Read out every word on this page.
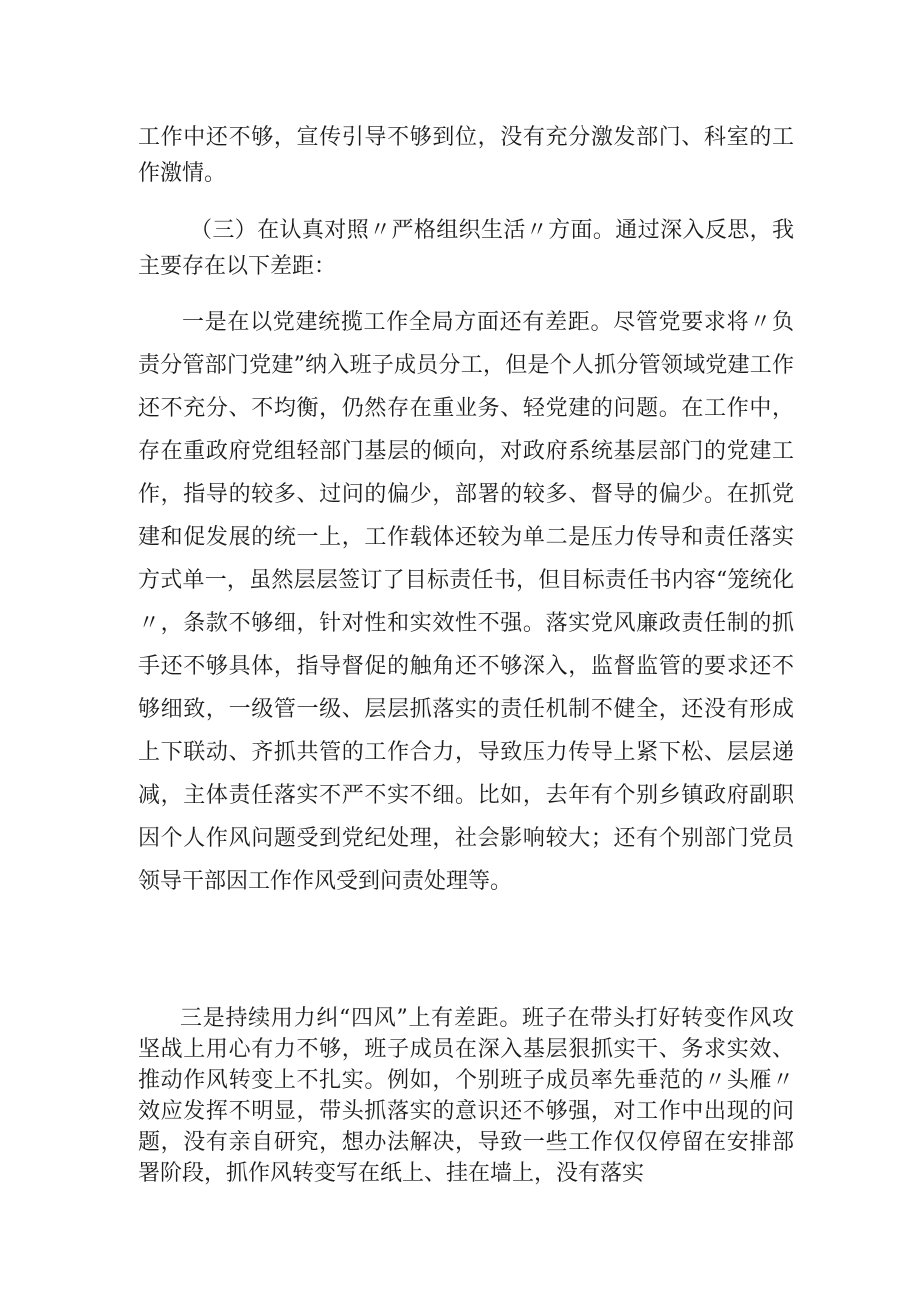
工作中还不够，宣传引导不够到位，没有充分激发部门、科室的工作激情。

（三）在认真对照〃严格组织生活〃方面。通过深入反思，我主要存在以下差距：

一是在以党建统揽工作全局方面还有差距。尽管党要求将〃负责分管部门党建”纳入班子成员分工，但是个人抓分管领域党建工作还不充分、不均衡，仍然存在重业务、轻党建的问题。在工作中，存在重政府党组轻部门基层的倾向，对政府系统基层部门的党建工作，指导的较多、过问的偏少，部署的较多、督导的偏少。在抓党建和促发展的统一上，工作载体还较为单二是压力传导和责任落实方式单一，虽然层层签订了目标责任书，但目标责任书内容“笼统化〃，条款不够细，针对性和实效性不强。落实党风廉政责任制的抓手还不够具体，指导督促的触角还不够深入，监督监管的要求还不够细致，一级管一级、层层抓落实的责任机制不健全，还没有形成上下联动、齐抓共管的工作合力，导致压力传导上紧下松、层层递减，主体责任落实不严不实不细。比如，去年有个别乡镇政府副职因个人作风问题受到党纪处理，社会影响较大；还有个别部门党员领导干部因工作作风受到问责处理等。

三是持续用力纠“四风”上有差距。班子在带头打好转变作风攻坚战上用心有力不够，班子成员在深入基层狠抓实干、务求实效、推动作风转变上不扎实。例如，个别班子成员率先垂范的〃头雁〃效应发挥不明显，带头抓落实的意识还不够强，对工作中出现的问题，没有亲自研究，想办法解决，导致一些工作仅仅停留在安排部署阶段，抓作风转变写在纸上、挂在墙上，没有落实
